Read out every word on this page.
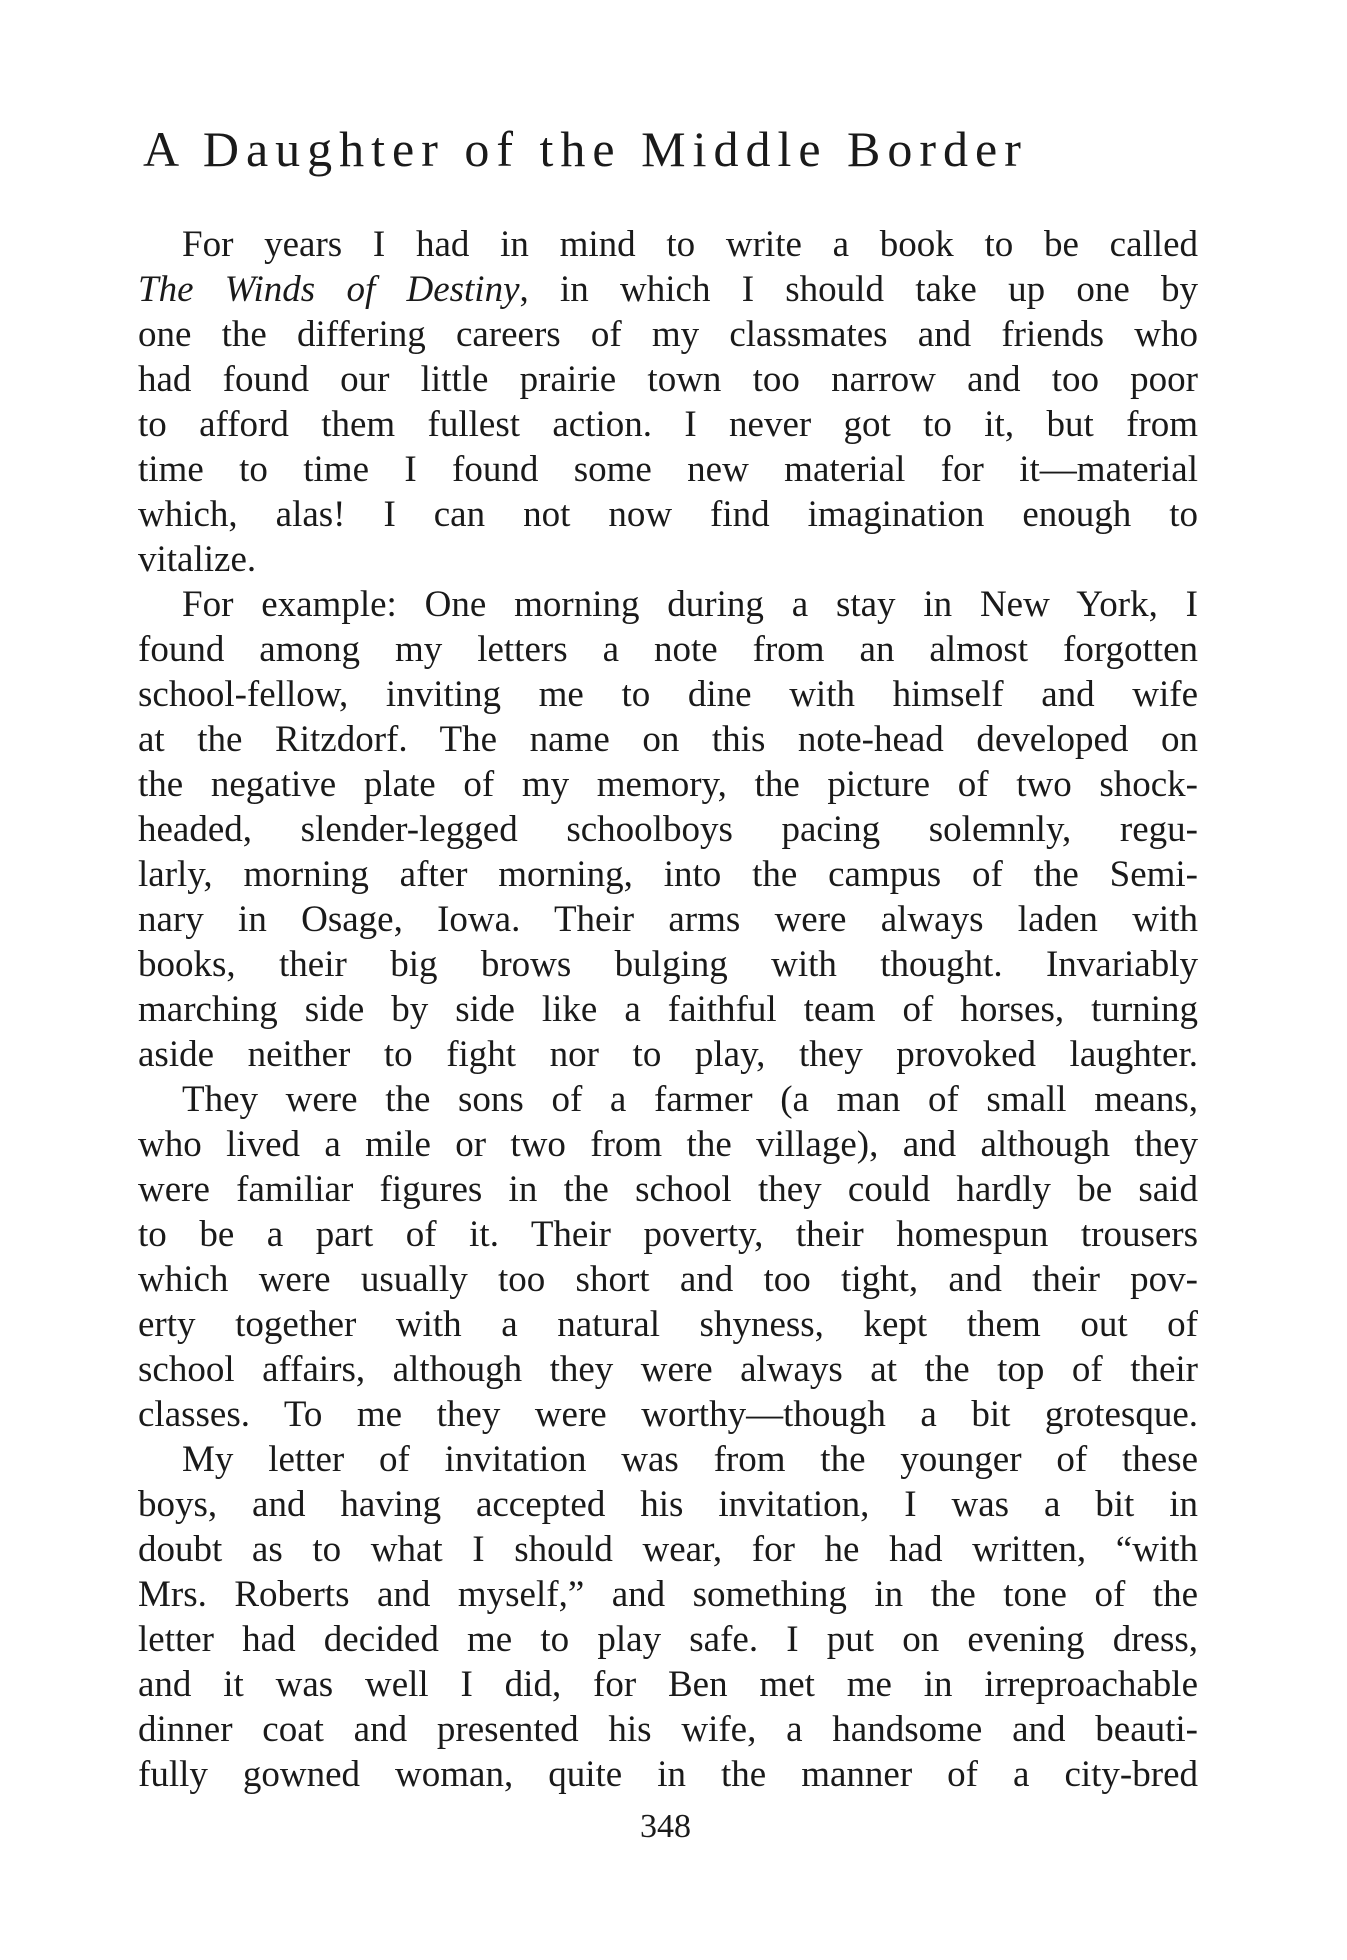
A Daughter of the Middle Border
For years I had in mind to write a book to be called
The Winds of Destiny, in which I should take up one by
one the differing careers of my classmates and friends who
had found our little prairie town too narrow and too poor
to afford them fullest action. I never got to it, but from
time to time I found some new material for it—material
which, alas! I can not now find imagination enough to
vitalize.
For example: One morning during a stay in New York, I
found among my letters a note from an almost forgotten
school-fellow, inviting me to dine with himself and wife
at the Ritzdorf. The name on this note-head developed on
the negative plate of my memory, the picture of two shock-
headed, slender-legged schoolboys pacing solemnly, regu-
larly, morning after morning, into the campus of the Semi-
nary in Osage, Iowa. Their arms were always laden with
books, their big brows bulging with thought. Invariably
marching side by side like a faithful team of horses, turning
aside neither to fight nor to play, they provoked laughter.
They were the sons of a farmer (a man of small means,
who lived a mile or two from the village), and although they
were familiar figures in the school they could hardly be said
to be a part of it. Their poverty, their homespun trousers
which were usually too short and too tight, and their pov-
erty together with a natural shyness, kept them out of
school affairs, although they were always at the top of their
classes. To me they were worthy—though a bit grotesque.
My letter of invitation was from the younger of these
boys, and having accepted his invitation, I was a bit in
doubt as to what I should wear, for he had written, “with
Mrs. Roberts and myself,” and something in the tone of the
letter had decided me to play safe. I put on evening dress,
and it was well I did, for Ben met me in irreproachable
dinner coat and presented his wife, a handsome and beauti-
fully gowned woman, quite in the manner of a city-bred
348
